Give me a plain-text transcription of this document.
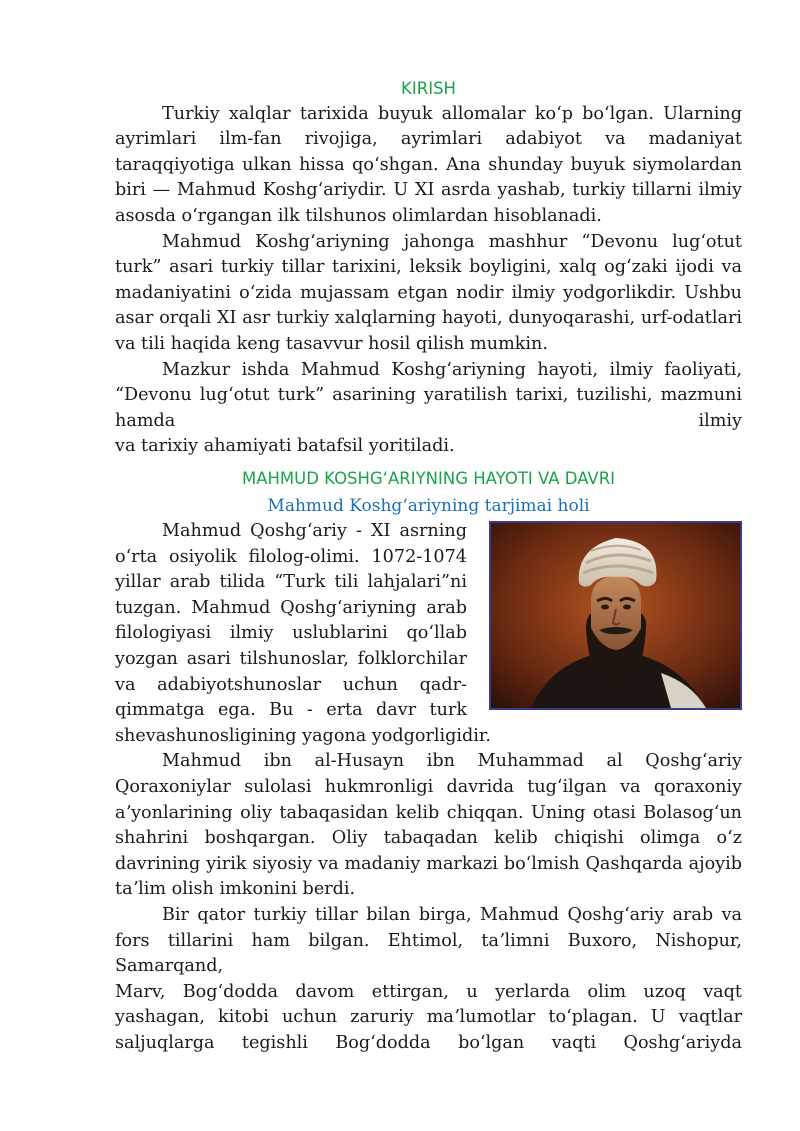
KIRISH

Turkiy xalqlar tarixida buyuk allomalar koʻp boʻlgan. Ularning ayrimlari ilm-fan rivojiga, ayrimlari adabiyot va madaniyat taraqqiyotiga ulkan hissa qoʻshgan. Ana shunday buyuk siymolardan biri — Mahmud Koshgʻariydir. U XI asrda yashab, turkiy tillarni ilmiy asosda oʻrgangan ilk tilshunos olimlardan hisoblanadi.

Mahmud Koshgʻariyning jahonga mashhur “Devonu lugʻotut turk” asari turkiy tillar tarixini, leksik boyligini, xalq ogʻzaki ijodi va madaniyatini oʻzida mujassam etgan nodir ilmiy yodgorlikdir. Ushbu asar orqali XI asr turkiy xalqlarning hayoti, dunyoqarashi, urf-odatlari va tili haqida keng tasavvur hosil qilish mumkin.

Mazkur ishda Mahmud Koshgʻariyning hayoti, ilmiy faoliyati, “Devonu lugʻotut turk” asarining yaratilish tarixi, tuzilishi, mazmuni hamda ilmiy

va tarixiy ahamiyati batafsil yoritiladi.

MAHMUD KOSHGʻARIYNING HAYOTI VA DAVRI

Mahmud Koshgʻariyning tarjimai holi

Mahmud Qoshgʻariy - XI asrning oʻrta osiyolik filolog-olimi. 1072-1074 yillar arab tilida “Turk tili lahjalari”ni tuzgan. Mahmud Qoshgʻariyning arab filologiyasi ilmiy uslublarini qoʻllab yozgan asari tilshunoslar, folklorchilar va adabiyotshunoslar uchun qadr-qimmatga ega. Bu - erta davr turk shevashunosligining yagona yodgorligidir.

Mahmud ibn al-Husayn ibn Muhammad al Qoshgʻariy Qoraxoniylar sulolasi hukmronligi davrida tugʻilgan va qoraxoniy aʼyonlarining oliy tabaqasidan kelib chiqqan. Uning otasi Bolasogʻun shahrini boshqargan. Oliy tabaqadan kelib chiqishi olimga oʻz davrining yirik siyosiy va madaniy markazi boʻlmish Qashqarda ajoyib taʼlim olish imkonini berdi.

Bir qator turkiy tillar bilan birga, Mahmud Qoshgʻariy arab va fors tillarini ham bilgan. Ehtimol, taʼlimni Buxoro, Nishopur, Samarqand,

Marv, Bogʻdodda davom ettirgan, u yerlarda olim uzoq vaqt yashagan, kitobi uchun zaruriy maʼlumotlar toʻplagan. U vaqtlar saljuqlarga tegishli Bogʻdodda boʻlgan vaqti Qoshgʻariyda
